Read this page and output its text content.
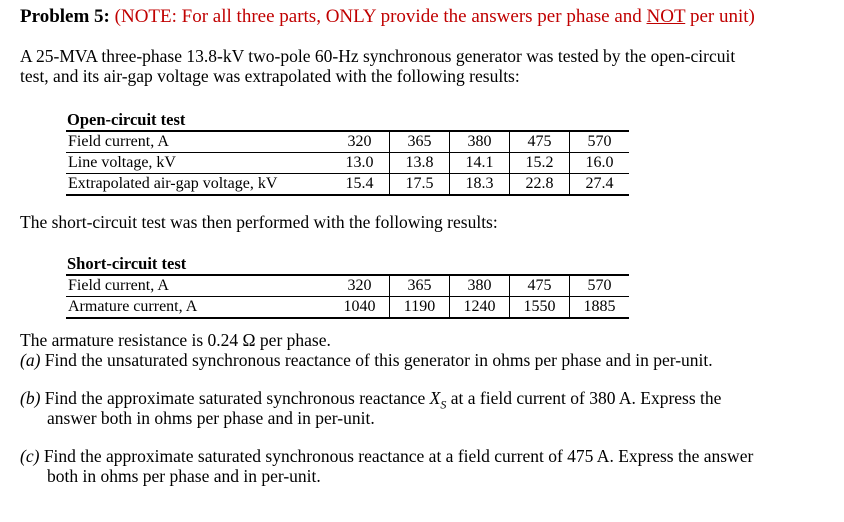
Problem 5: (NOTE: For all three parts, ONLY provide the answers per phase and NOT per unit)
A 25-MVA three-phase 13.8-kV two-pole 60-Hz synchronous generator was tested by the open-circuit
test, and its air-gap voltage was extrapolated with the following results:
Open-circuit test
Field current, A	320	365	380	475	570
Line voltage, kV	13.0	13.8	14.1	15.2	16.0
Extrapolated air-gap voltage, kV	15.4	17.5	18.3	22.8	27.4
The short-circuit test was then performed with the following results:
Short-circuit test
Field current, A	320	365	380	475	570
Armature current, A	1040	1190	1240	1550	1885
The armature resistance is 0.24 Ω per phase.
(a) Find the unsaturated synchronous reactance of this generator in ohms per phase and in per-unit.
(b) Find the approximate saturated synchronous reactance $X_S$ at a field current of 380 A. Express the
answer both in ohms per phase and in per-unit.
(c) Find the approximate saturated synchronous reactance at a field current of 475 A. Express the answer
both in ohms per phase and in per-unit.
